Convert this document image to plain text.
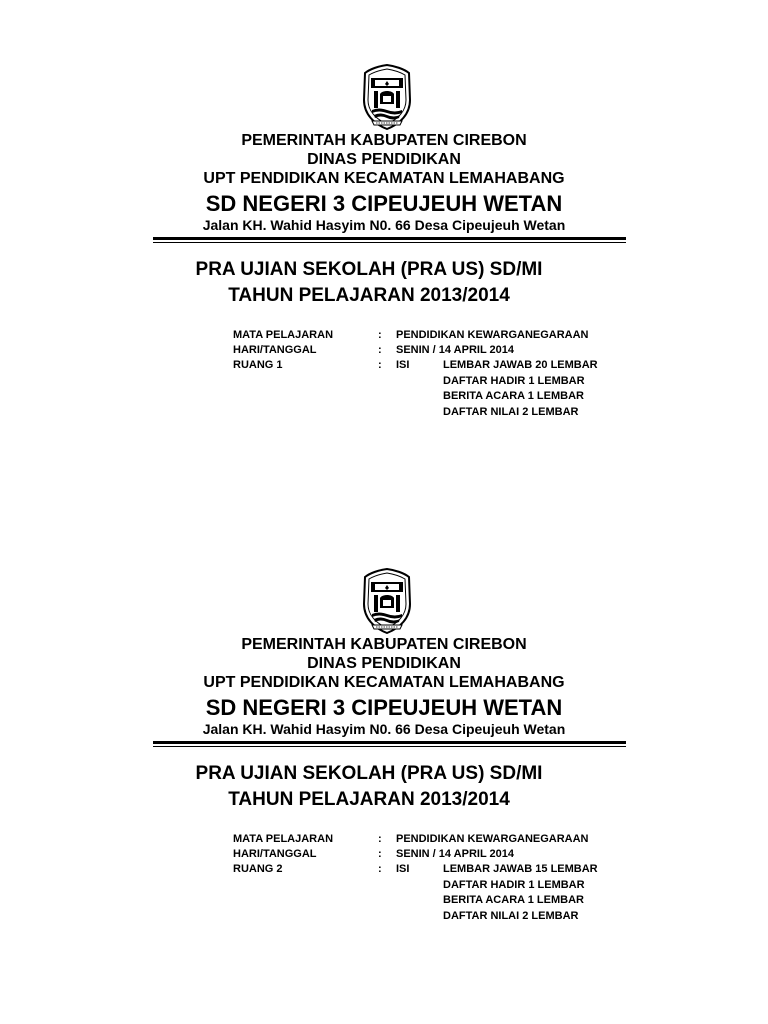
PEMERINTAH KABUPATEN CIREBON
DINAS PENDIDIKAN
UPT PENDIDIKAN KECAMATAN LEMAHABANG
SD NEGERI 3 CIPEUJEUH WETAN
Jalan KH. Wahid Hasyim N0. 66 Desa Cipeujeuh Wetan
PRA UJIAN SEKOLAH (PRA US) SD/MI
TAHUN PELAJARAN 2013/2014
MATA PELAJARAN	: PENDIDIKAN KEWARGANEGARAAN
HARI/TANGGAL	: SENIN / 14 APRIL 2014
RUANG 1	: ISI	LEMBAR JAWAB 20 LEMBAR
DAFTAR HADIR 1 LEMBAR
BERITA ACARA 1 LEMBAR
DAFTAR NILAI 2 LEMBAR
PEMERINTAH KABUPATEN CIREBON
DINAS PENDIDIKAN
UPT PENDIDIKAN KECAMATAN LEMAHABANG
SD NEGERI 3 CIPEUJEUH WETAN
Jalan KH. Wahid Hasyim N0. 66 Desa Cipeujeuh Wetan
PRA UJIAN SEKOLAH (PRA US) SD/MI
TAHUN PELAJARAN 2013/2014
MATA PELAJARAN	: PENDIDIKAN KEWARGANEGARAAN
HARI/TANGGAL	: SENIN / 14 APRIL 2014
RUANG 2	: ISI	LEMBAR JAWAB 15 LEMBAR
DAFTAR HADIR 1 LEMBAR
BERITA ACARA 1 LEMBAR
DAFTAR NILAI 2 LEMBAR
